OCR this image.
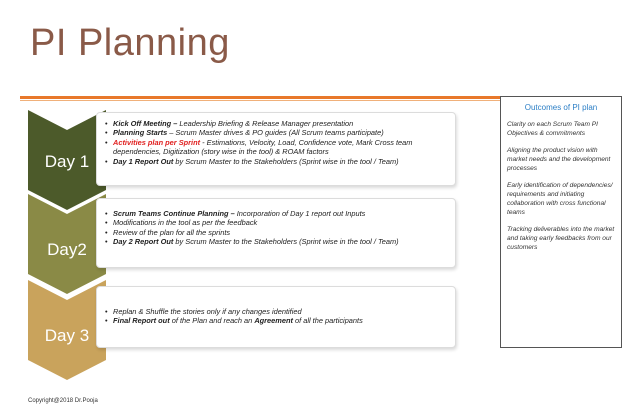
PI Planning
Day 1
• Kick Off Meeting – Leadership Briefing & Release Manager presentation
• Planning Starts – Scrum Master drives & PO guides (All Scrum teams participate)
• Activities plan per Sprint - Estimations, Velocity, Load, Confidence vote, Mark Cross team dependencies, Digitization (story wise in the tool) & ROAM factors
• Day 1 Report Out by Scrum Master to the Stakeholders (Sprint wise in the tool / Team)
Day2
• Scrum Teams Continue Planning – Incorporation of Day 1 report out Inputs
• Modifications in the tool as per the feedback
• Review of the plan for all the sprints
• Day 2 Report Out by Scrum Master to the Stakeholders (Sprint wise in the tool / Team)
Day 3
• Replan & Shuffle the stories only if any changes identified
• Final Report out of the Plan and reach an Agreement of all the participants
Outcomes of PI plan

Clarity on each Scrum Team PI Objectives & commitments

Aligning the product vision with market needs and the development processes

Early identification of dependencies/ requirements and initiating collaboration with cross functional teams

Tracking deliverables into the market and taking early feedbacks from our customers

Copyright@2018 Dr.Pooja
